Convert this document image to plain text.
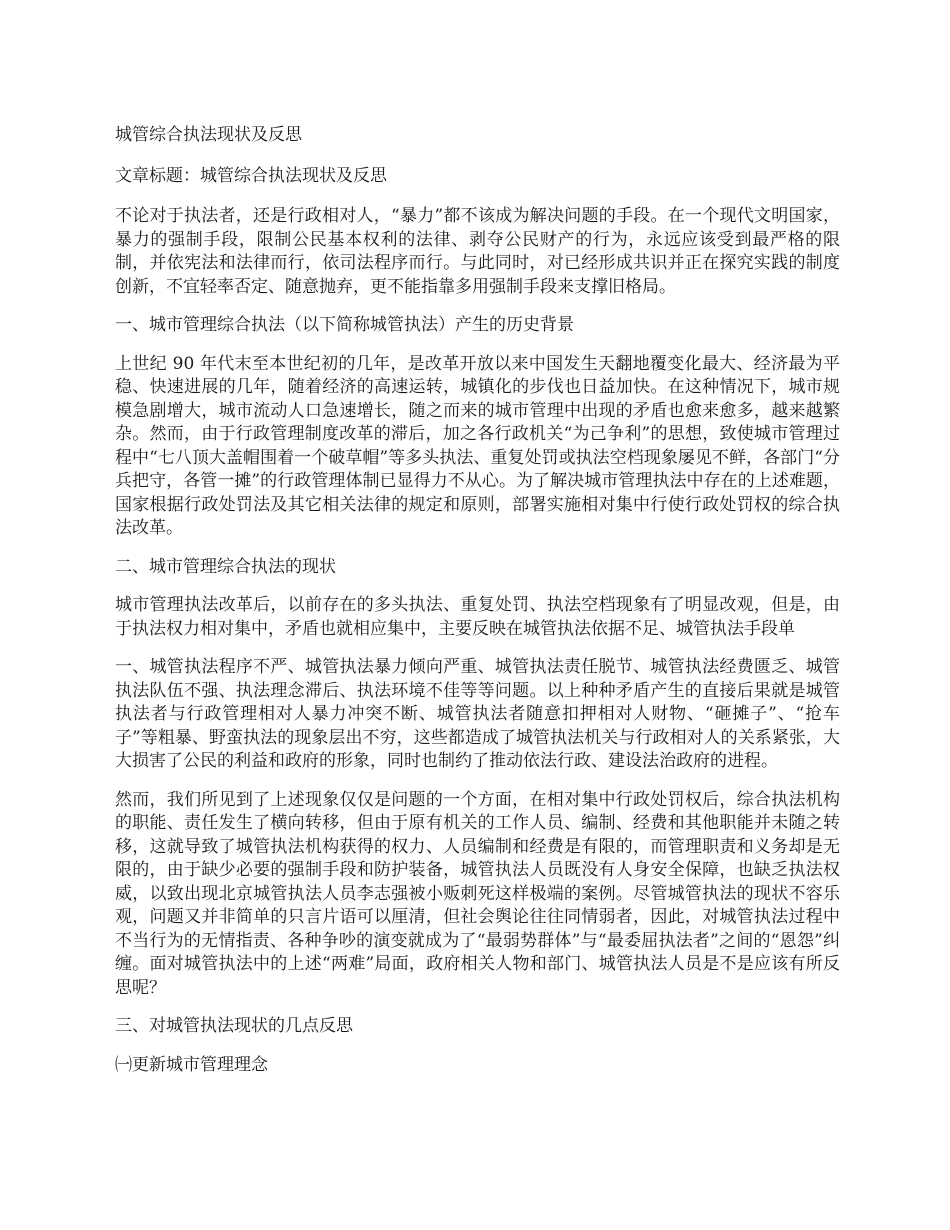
城管综合执法现状及反思

文章标题：城管综合执法现状及反思

不论对于执法者，还是行政相对人，“暴力”都不该成为解决问题的手段。在一个现代文明国家，暴力的强制手段，限制公民基本权利的法律、剥夺公民财产的行为，永远应该受到最严格的限制，并依宪法和法律而行，依司法程序而行。与此同时，对已经形成共识并正在探究实践的制度创新，不宜轻率否定、随意抛弃，更不能指靠多用强制手段来支撑旧格局。

一、城市管理综合执法（以下简称城管执法）产生的历史背景

上世纪 90 年代末至本世纪初的几年，是改革开放以来中国发生天翻地覆变化最大、经济最为平稳、快速进展的几年，随着经济的高速运转，城镇化的步伐也日益加快。在这种情况下，城市规模急剧增大，城市流动人口急速增长，随之而来的城市管理中出现的矛盾也愈来愈多，越来越繁杂。然而，由于行政管理制度改革的滞后，加之各行政机关“为己争利”的思想，致使城市管理过程中“七八顶大盖帽围着一个破草帽”等多头执法、重复处罚或执法空档现象屡见不鲜，各部门“分兵把守，各管一摊”的行政管理体制已显得力不从心。为了解决城市管理执法中存在的上述难题，国家根据行政处罚法及其它相关法律的规定和原则，部署实施相对集中行使行政处罚权的综合执法改革。

二、城市管理综合执法的现状

城市管理执法改革后，以前存在的多头执法、重复处罚、执法空档现象有了明显改观，但是，由于执法权力相对集中，矛盾也就相应集中，主要反映在城管执法依据不足、城管执法手段单

一、城管执法程序不严、城管执法暴力倾向严重、城管执法责任脱节、城管执法经费匮乏、城管执法队伍不强、执法理念滞后、执法环境不佳等等问题。以上种种矛盾产生的直接后果就是城管执法者与行政管理相对人暴力冲突不断、城管执法者随意扣押相对人财物、“砸摊子”、“抢车子”等粗暴、野蛮执法的现象层出不穷，这些都造成了城管执法机关与行政相对人的关系紧张，大大损害了公民的利益和政府的形象，同时也制约了推动依法行政、建设法治政府的进程。

然而，我们所见到了上述现象仅仅是问题的一个方面，在相对集中行政处罚权后，综合执法机构的职能、责任发生了横向转移，但由于原有机关的工作人员、编制、经费和其他职能并未随之转移，这就导致了城管执法机构获得的权力、人员编制和经费是有限的，而管理职责和义务却是无限的，由于缺少必要的强制手段和防护装备，城管执法人员既没有人身安全保障，也缺乏执法权威，以致出现北京城管执法人员李志强被小贩刺死这样极端的案例。尽管城管执法的现状不容乐观，问题又并非简单的只言片语可以厘清，但社会舆论往往同情弱者，因此，对城管执法过程中不当行为的无情指责、各种争吵的演变就成为了“最弱势群体”与“最委屈执法者”之间的“恩怨”纠缠。面对城管执法中的上述“两难”局面，政府相关人物和部门、城管执法人员是不是应该有所反思呢？

三、对城管执法现状的几点反思

㈠更新城市管理理念
